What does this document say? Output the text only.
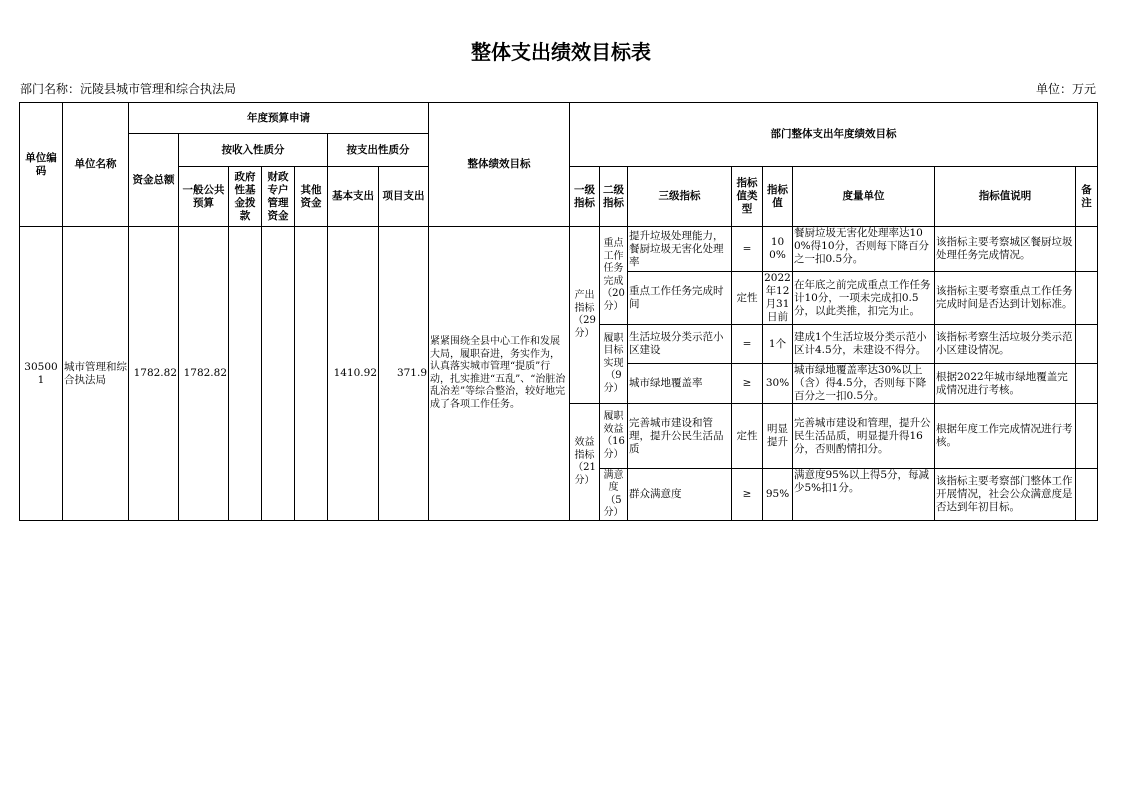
整体支出绩效目标表
部门名称：沅陵县城市管理和综合执法局	单位：万元
单位编码	单位名称	年度预算申请							整体绩效目标	部门整体支出年度绩效目标							
		资金总额	按收入性质分				按支出性质分										
			一般公共预算	政府性基金拨款	财政专户管理资金	其他资金	基本支出	项目支出		一级指标	二级指标	三级指标	指标值类型	指标值	度量单位	指标值说明	备注

305001	城市管理和综合执法局	1782.82	1782.82				1410.92	371.9	紧紧围绕全县中心工作和发展大局，履职奋进，务实作为，认真落实城市管理“提质”行动，扎实推进“五乱”、“治脏治乱治差”等综合整治，较好地完成了各项工作任务。	产出指标（29分）	重点工作任务完成（20分）	提升垃圾处理能力，餐厨垃圾无害化处理率	=	100%	餐厨垃圾无害化处理率达100%得10分，否则每下降百分之一扣0.5分。	该指标主要考察城区餐厨垃圾处理任务完成情况。	
												重点工作任务完成时间	定性	2022年12月31日前	在年底之前完成重点工作任务计10分，一项未完成扣0.5分，以此类推，扣完为止。	该指标主要考察重点工作任务完成时间是否达到计划标准。	
											履职目标实现（9分）	生活垃圾分类示范小区建设	=	1个	建成1个生活垃圾分类示范小区计4.5分，未建设不得分。	该指标考察生活垃圾分类示范小区建设情况。	
												城市绿地覆盖率	≥	30%	城市绿地覆盖率达30%以上（含）得4.5分，否则每下降百分之一扣0.5分。	根据2022年城市绿地覆盖完成情况进行考核。	
										效益指标（21分）	履职效益（16分）	完善城市建设和管理，提升公民生活品质	定性	明显提升	完善城市建设和管理，提升公民生活品质，明显提升得16分，否则酌情扣分。	根据年度工作完成情况进行考核。	
											满意度（5分）	群众满意度	≥	95%	满意度95%以上得5分，每减少5%扣1分。	该指标主要考察部门整体工作开展情况，社会公众满意度是否达到年初目标。	
